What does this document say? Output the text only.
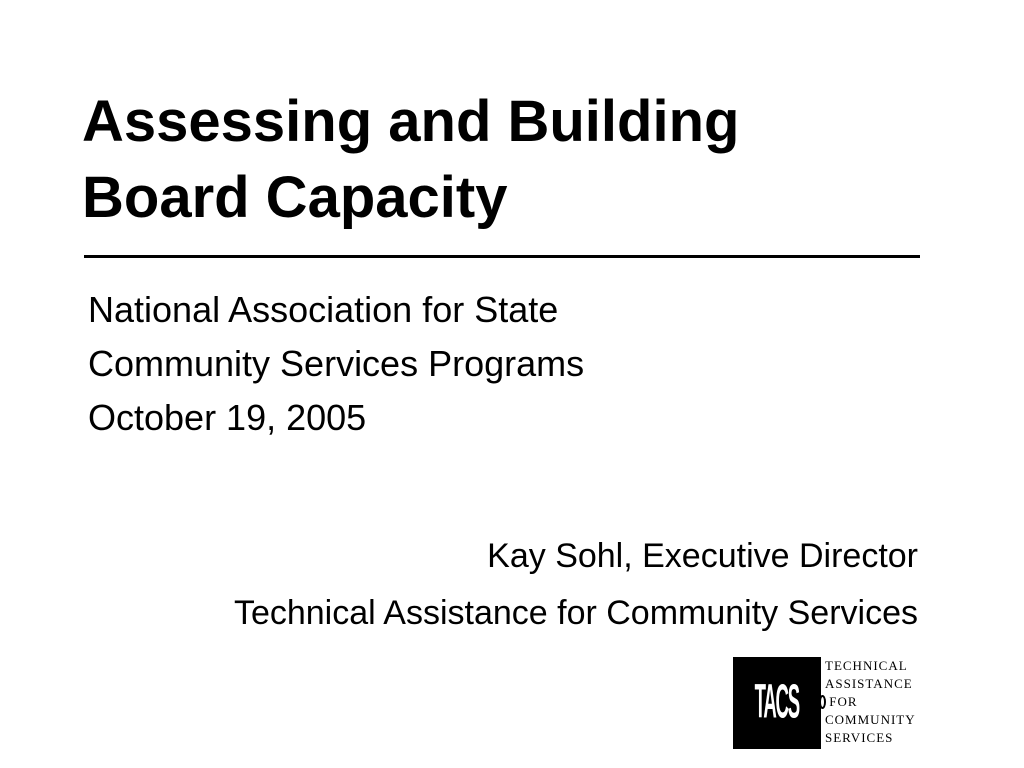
Assessing and Building
Board Capacity
National Association for State
Community Services Programs
October 19, 2005
Kay Sohl, Executive Director
Technical Assistance for Community Services
TACS
TECHNICAL
ASSISTANCE
FOR
COMMUNITY
SERVICES
